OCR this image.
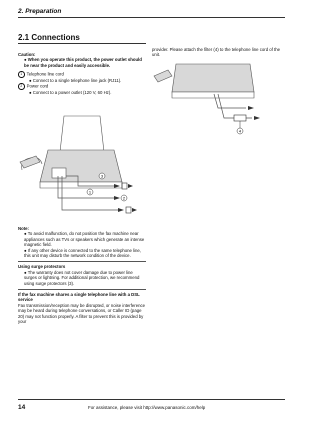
2. Preparation
2.1 Connections
Caution:
● When you operate this product, the power outlet should be near the product and easily accessible.
1 Telephone line cord
● Connect to a single telephone line jack (RJ11).
2 Power cord
● Connect to a power outlet (120 V, 60 Hz).
3
1
2
Note:
● To avoid malfunction, do not position the fax machine near appliances such as TVs or speakers which generate an intense magnetic field.
● If any other device is connected to the same telephone line, this unit may disturb the network condition of the device.
Using surge protectors
● The warranty does not cover damage due to power line surges or lightning. For additional protection, we recommend using surge protectors (3).
If the fax machine shares a single telephone line with a DSL service
Fax transmission/reception may be disrupted, or noise interference may be heard during telephone conversations, or Caller ID (page 20) may not function properly. A filter to prevent this is provided by your
provider. Please attach the filter (4) to the telephone line cord of the unit.
4
14	For assistance, please visit http://www.panasonic.com/help
